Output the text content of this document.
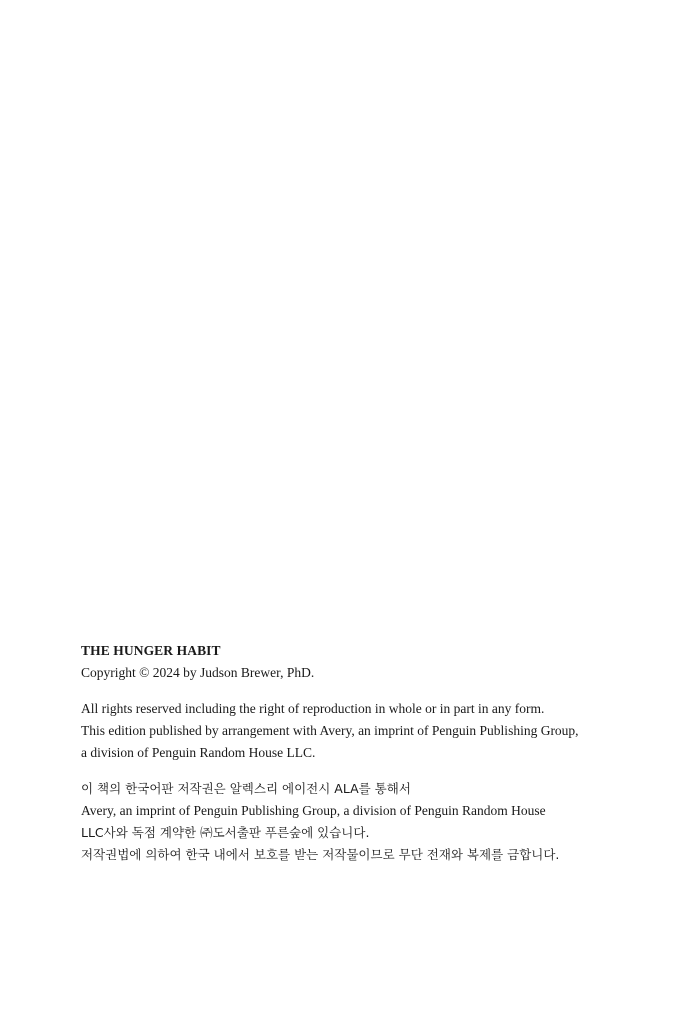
THE HUNGER HABIT

Copyright © 2024 by Judson Brewer, PhD.

All rights reserved including the right of reproduction in whole or in part in any form.

This edition published by arrangement with Avery, an imprint of Penguin Publishing Group,

a division of Penguin Random House LLC.

이 책의 한국어판 저작권은 알렉스리 에이전시 ALA를 통해서

Avery, an imprint of Penguin Publishing Group, a division of Penguin Random House

LLC사와 독점 계약한 ㈜도서출판 푸른숲에 있습니다.

저작권법에 의하여 한국 내에서 보호를 받는 저작물이므로 무단 전재와 복제를 금합니다.
